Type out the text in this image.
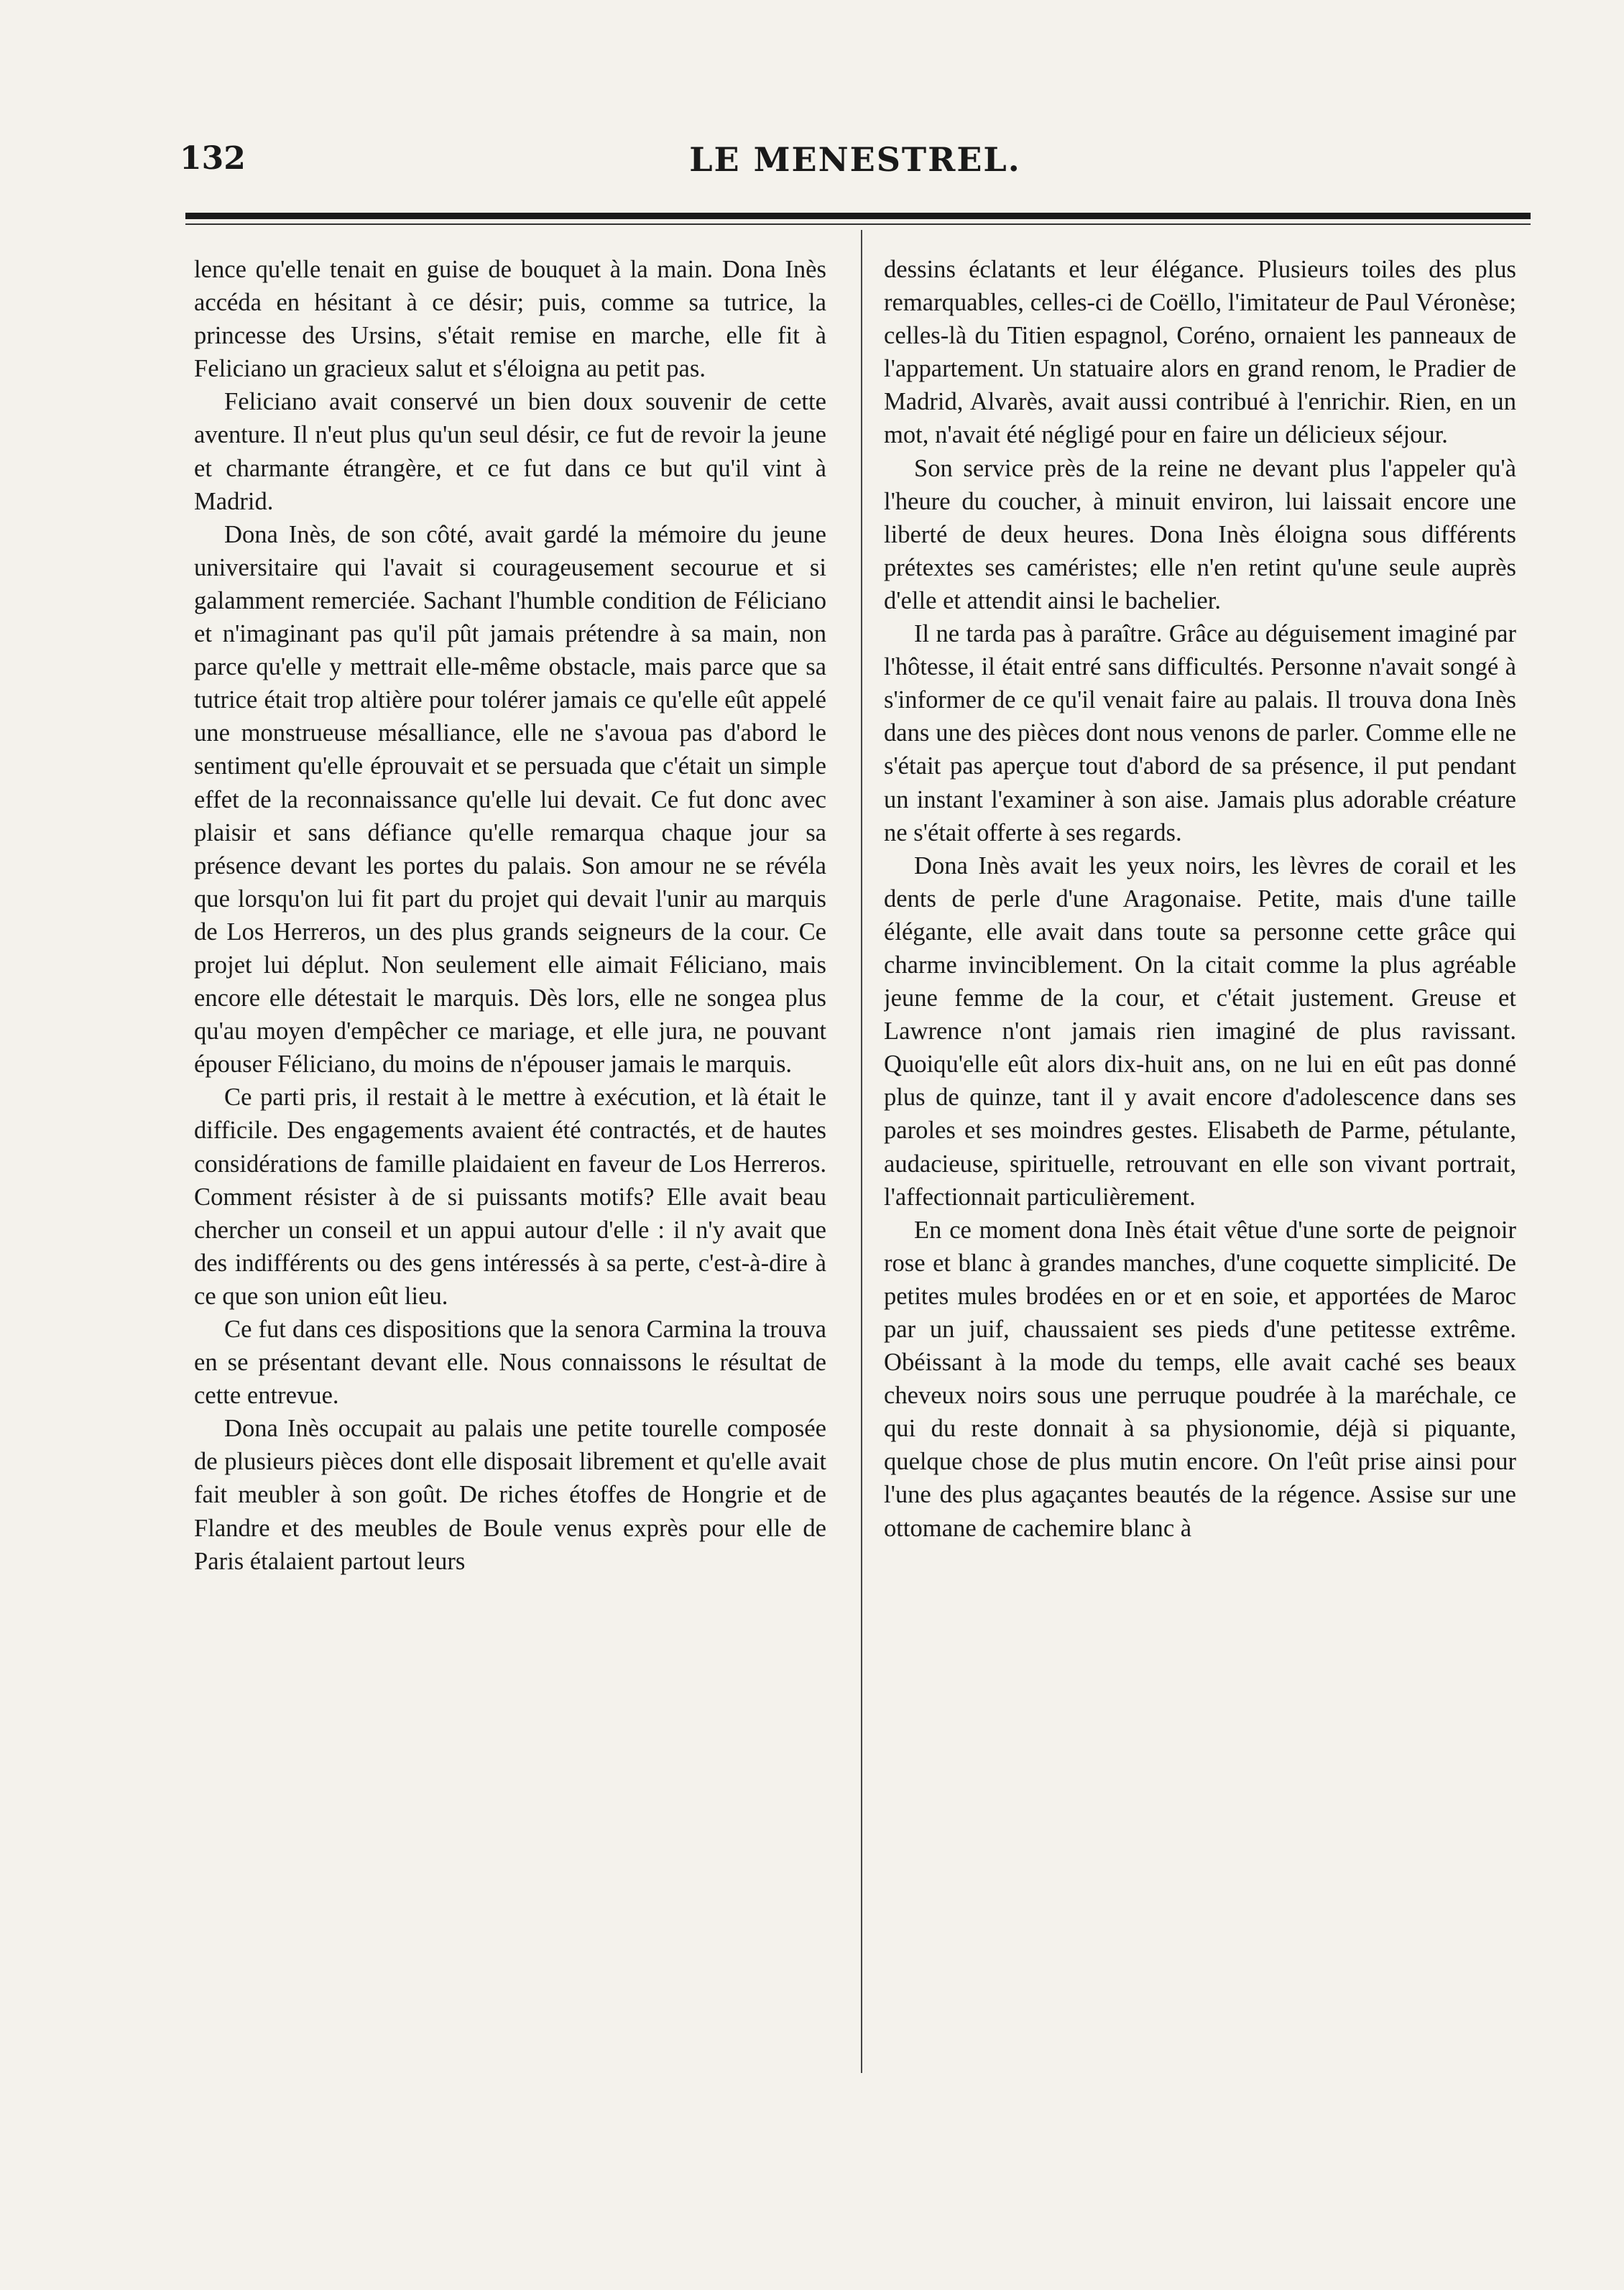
132	LE MENESTREL.

lence qu'elle tenait en guise de bouquet à la main. Dona Inès accéda en hésitant à ce désir; puis, comme sa tutrice, la princesse des Ursins, s'était remise en marche, elle fit à Feliciano un gracieux salut et s'éloigna au petit pas.

Feliciano avait conservé un bien doux souvenir de cette aventure. Il n'eut plus qu'un seul désir, ce fut de revoir la jeune et charmante étrangère, et ce fut dans ce but qu'il vint à Madrid.

Dona Inès, de son côté, avait gardé la mémoire du jeune universitaire qui l'avait si courageusement secourue et si galamment remerciée. Sachant l'humble condition de Féliciano et n'imaginant pas qu'il pût jamais prétendre à sa main, non parce qu'elle y mettrait elle-même obstacle, mais parce que sa tutrice était trop altière pour tolérer jamais ce qu'elle eût appelé une monstrueuse mésalliance, elle ne s'avoua pas d'abord le sentiment qu'elle éprouvait et se persuada que c'était un simple effet de la reconnaissance qu'elle lui devait. Ce fut donc avec plaisir et sans défiance qu'elle remarqua chaque jour sa présence devant les portes du palais. Son amour ne se révéla que lorsqu'on lui fit part du projet qui devait l'unir au marquis de Los Herreros, un des plus grands seigneurs de la cour. Ce projet lui déplut. Non seulement elle aimait Féliciano, mais encore elle détestait le marquis. Dès lors, elle ne songea plus qu'au moyen d'empêcher ce mariage, et elle jura, ne pouvant épouser Féliciano, du moins de n'épouser jamais le marquis.

Ce parti pris, il restait à le mettre à exécution, et là était le difficile. Des engagements avaient été contractés, et de hautes considérations de famille plaidaient en faveur de Los Herreros. Comment résister à de si puissants motifs? Elle avait beau chercher un conseil et un appui autour d'elle : il n'y avait que des indifférents ou des gens intéressés à sa perte, c'est-à-dire à ce que son union eût lieu.

Ce fut dans ces dispositions que la senora Carmina la trouva en se présentant devant elle. Nous connaissons le résultat de cette entrevue.

Dona Inès occupait au palais une petite tourelle composée de plusieurs pièces dont elle disposait librement et qu'elle avait fait meubler à son goût. De riches étoffes de Hongrie et de Flandre et des meubles de Boule venus exprès pour elle de Paris étalaient partout leurs

dessins éclatants et leur élégance. Plusieurs toiles des plus remarquables, celles-ci de Coëllo, l'imitateur de Paul Véronèse; celles-là du Titien espagnol, Coréno, ornaient les panneaux de l'appartement. Un statuaire alors en grand renom, le Pradier de Madrid, Alvarès, avait aussi contribué à l'enrichir. Rien, en un mot, n'avait été négligé pour en faire un délicieux séjour.

Son service près de la reine ne devant plus l'appeler qu'à l'heure du coucher, à minuit environ, lui laissait encore une liberté de deux heures. Dona Inès éloigna sous différents prétextes ses caméristes; elle n'en retint qu'une seule auprès d'elle et attendit ainsi le bachelier.

Il ne tarda pas à paraître. Grâce au déguisement imaginé par l'hôtesse, il était entré sans difficultés. Personne n'avait songé à s'informer de ce qu'il venait faire au palais. Il trouva dona Inès dans une des pièces dont nous venons de parler. Comme elle ne s'était pas aperçue tout d'abord de sa présence, il put pendant un instant l'examiner à son aise. Jamais plus adorable créature ne s'était offerte à ses regards.

Dona Inès avait les yeux noirs, les lèvres de corail et les dents de perle d'une Aragonaise. Petite, mais d'une taille élégante, elle avait dans toute sa personne cette grâce qui charme invinciblement. On la citait comme la plus agréable jeune femme de la cour, et c'était justement. Greuse et Lawrence n'ont jamais rien imaginé de plus ravissant. Quoiqu'elle eût alors dix-huit ans, on ne lui en eût pas donné plus de quinze, tant il y avait encore d'adolescence dans ses paroles et ses moindres gestes. Elisabeth de Parme, pétulante, audacieuse, spirituelle, retrouvant en elle son vivant portrait, l'affectionnait particulièrement.

En ce moment dona Inès était vêtue d'une sorte de peignoir rose et blanc à grandes manches, d'une coquette simplicité. De petites mules brodées en or et en soie, et apportées de Maroc par un juif, chaussaient ses pieds d'une petitesse extrême. Obéissant à la mode du temps, elle avait caché ses beaux cheveux noirs sous une perruque poudrée à la maréchale, ce qui du reste donnait à sa physionomie, déjà si piquante, quelque chose de plus mutin encore. On l'eût prise ainsi pour l'une des plus agaçantes beautés de la régence. Assise sur une ottomane de cachemire blanc à
